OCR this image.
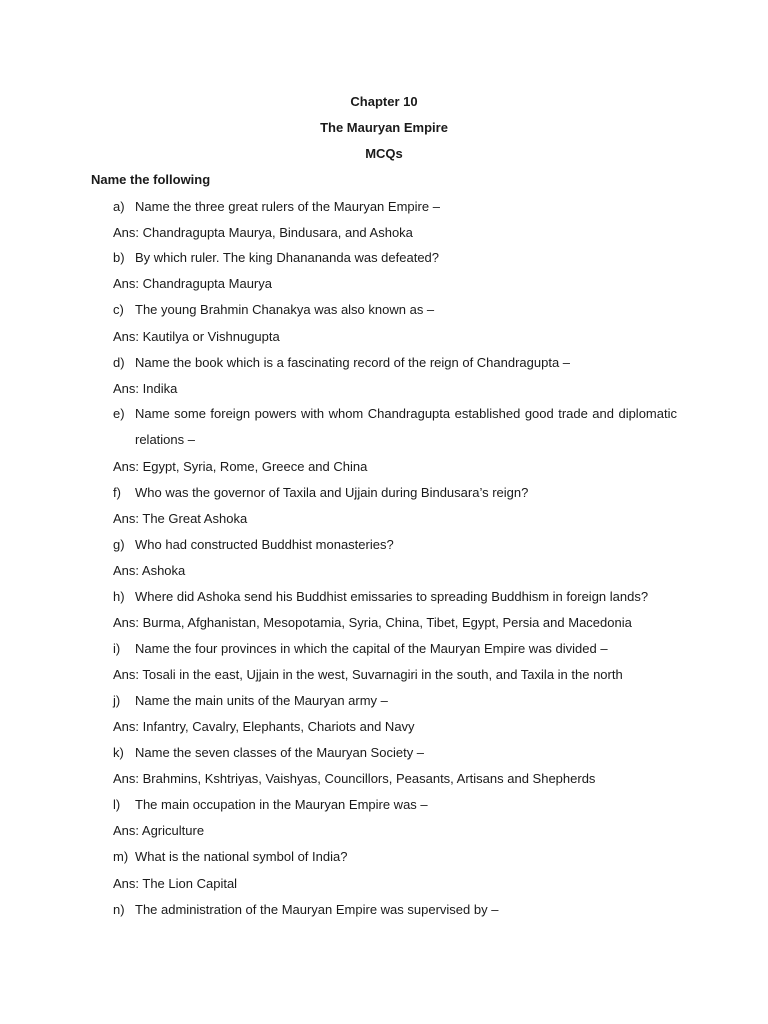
Chapter 10
The Mauryan Empire
MCQs
Name the following
a) Name the three great rulers of the Mauryan Empire –
Ans: Chandragupta Maurya, Bindusara, and Ashoka
b) By which ruler. The king Dhanananda was defeated?
Ans: Chandragupta Maurya
c) The young Brahmin Chanakya was also known as –
Ans: Kautilya or Vishnugupta
d) Name the book which is a fascinating record of the reign of Chandragupta –
Ans: Indika
e) Name some foreign powers with whom Chandragupta established good trade and diplomatic relations –
Ans: Egypt, Syria, Rome, Greece and China
f) Who was the governor of Taxila and Ujjain during Bindusara’s reign?
Ans: The Great Ashoka
g) Who had constructed Buddhist monasteries?
Ans: Ashoka
h) Where did Ashoka send his Buddhist emissaries to spreading Buddhism in foreign lands?
Ans: Burma, Afghanistan, Mesopotamia, Syria, China, Tibet, Egypt, Persia and Macedonia
i) Name the four provinces in which the capital of the Mauryan Empire was divided –
Ans: Tosali in the east, Ujjain in the west, Suvarnagiri in the south, and Taxila in the north
j) Name the main units of the Mauryan army –
Ans: Infantry, Cavalry, Elephants, Chariots and Navy
k) Name the seven classes of the Mauryan Society –
Ans: Brahmins, Kshtriyas, Vaishyas, Councillors, Peasants, Artisans and Shepherds
l) The main occupation in the Mauryan Empire was –
Ans: Agriculture
m) What is the national symbol of India?
Ans: The Lion Capital
n) The administration of the Mauryan Empire was supervised by –
